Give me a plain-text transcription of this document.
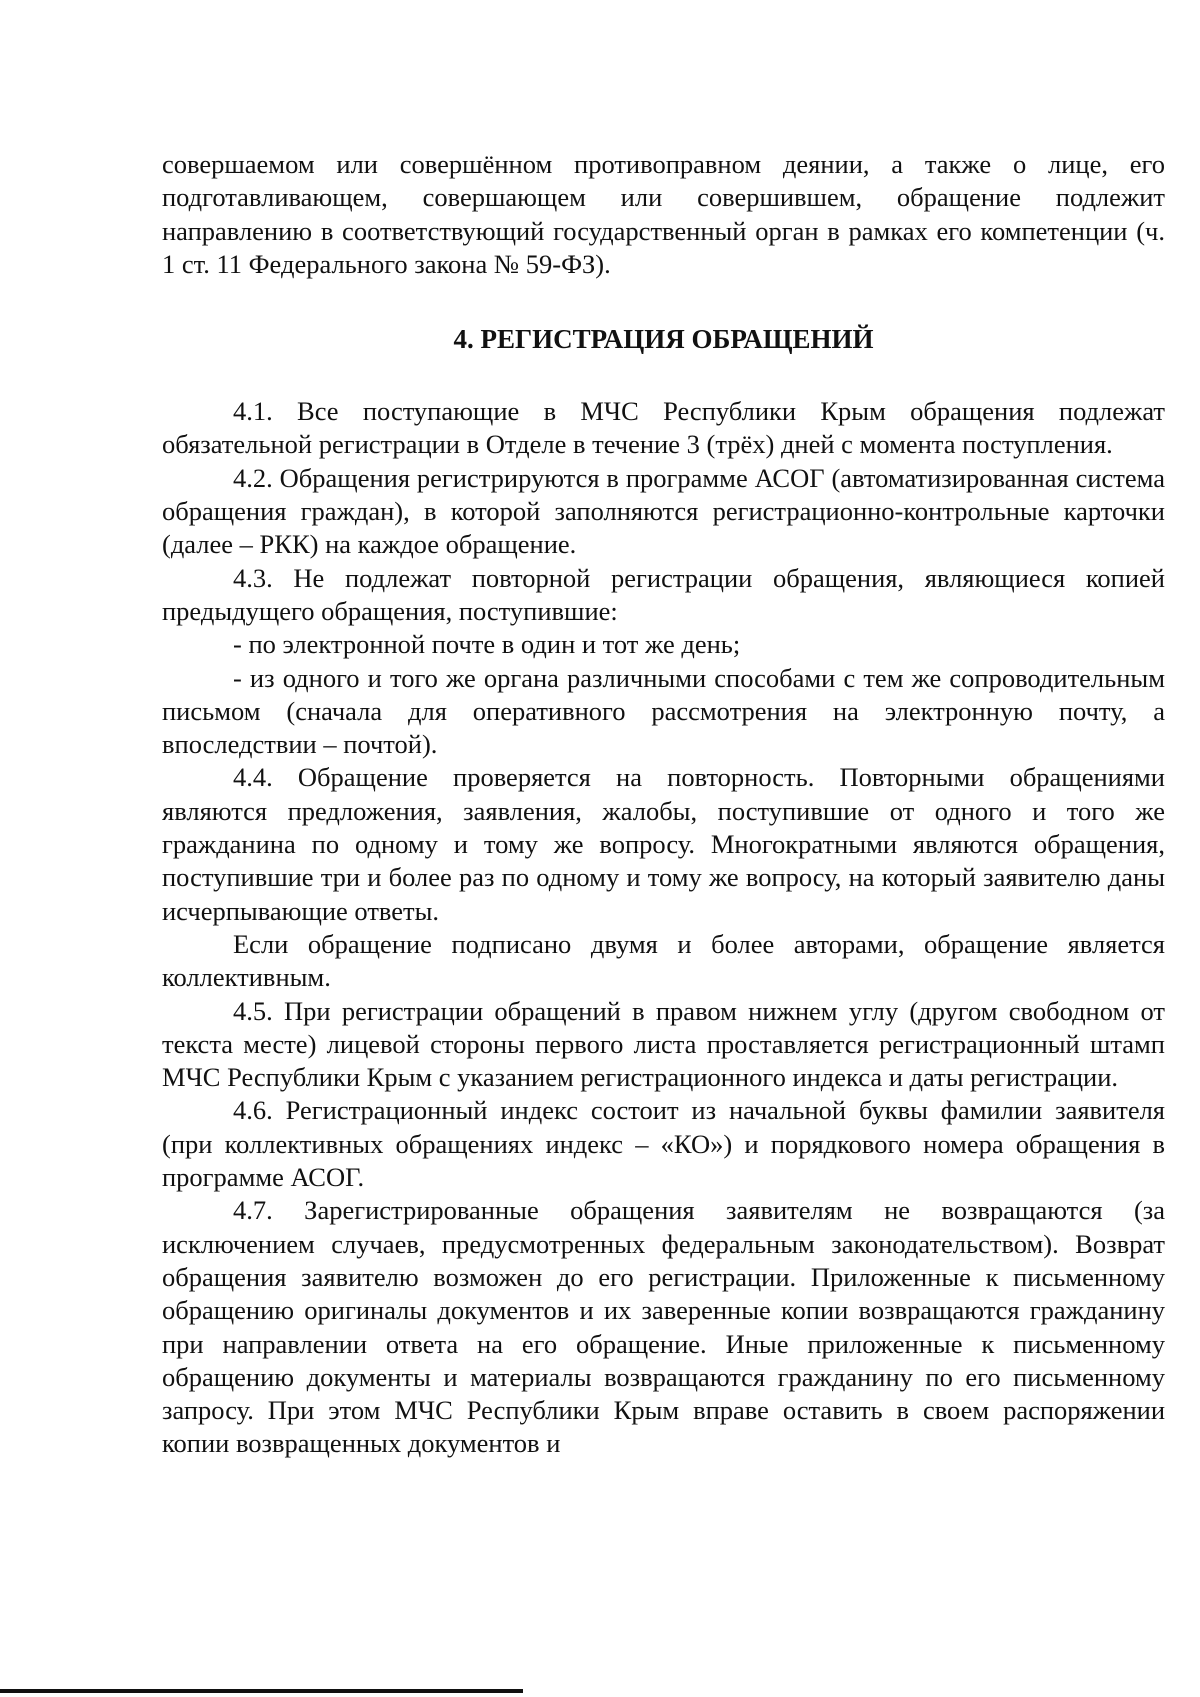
совершаемом или совершённом противоправном деянии, а также о лице, его подготавливающем, совершающем или совершившем, обращение подлежит направлению в соответствующий государственный орган в рамках его компетенции (ч. 1 ст. 11 Федерального закона № 59-ФЗ).

4. РЕГИСТРАЦИЯ ОБРАЩЕНИЙ

4.1. Все поступающие в МЧС Республики Крым обращения подлежат обязательной регистрации в Отделе в течение 3 (трёх) дней с момента поступления.

4.2. Обращения регистрируются в программе АСОГ (автоматизированная система обращения граждан), в которой заполняются регистрационно-контрольные карточки (далее – РКК) на каждое обращение.

4.3. Не подлежат повторной регистрации обращения, являющиеся копией предыдущего обращения, поступившие:

- по электронной почте в один и тот же день;

- из одного и того же органа различными способами с тем же сопроводительным письмом (сначала для оперативного рассмотрения на электронную почту, а впоследствии – почтой).

4.4. Обращение проверяется на повторность. Повторными обращениями являются предложения, заявления, жалобы, поступившие от одного и того же гражданина по одному и тому же вопросу. Многократными являются обращения, поступившие три и более раз по одному и тому же вопросу, на который заявителю даны исчерпывающие ответы.

Если обращение подписано двумя и более авторами, обращение является коллективным.

4.5. При регистрации обращений в правом нижнем углу (другом свободном от текста месте) лицевой стороны первого листа проставляется регистрационный штамп МЧС Республики Крым с указанием регистрационного индекса и даты регистрации.

4.6. Регистрационный индекс состоит из начальной буквы фамилии заявителя (при коллективных обращениях индекс – «КО») и порядкового номера обращения в программе АСОГ.

4.7. Зарегистрированные обращения заявителям не возвращаются (за исключением случаев, предусмотренных федеральным законодательством). Возврат обращения заявителю возможен до его регистрации. Приложенные к письменному обращению оригиналы документов и их заверенные копии возвращаются гражданину при направлении ответа на его обращение. Иные приложенные к письменному обращению документы и материалы возвращаются гражданину по его письменному запросу. При этом МЧС Республики Крым вправе оставить в своем распоряжении копии возвращенных документов и
